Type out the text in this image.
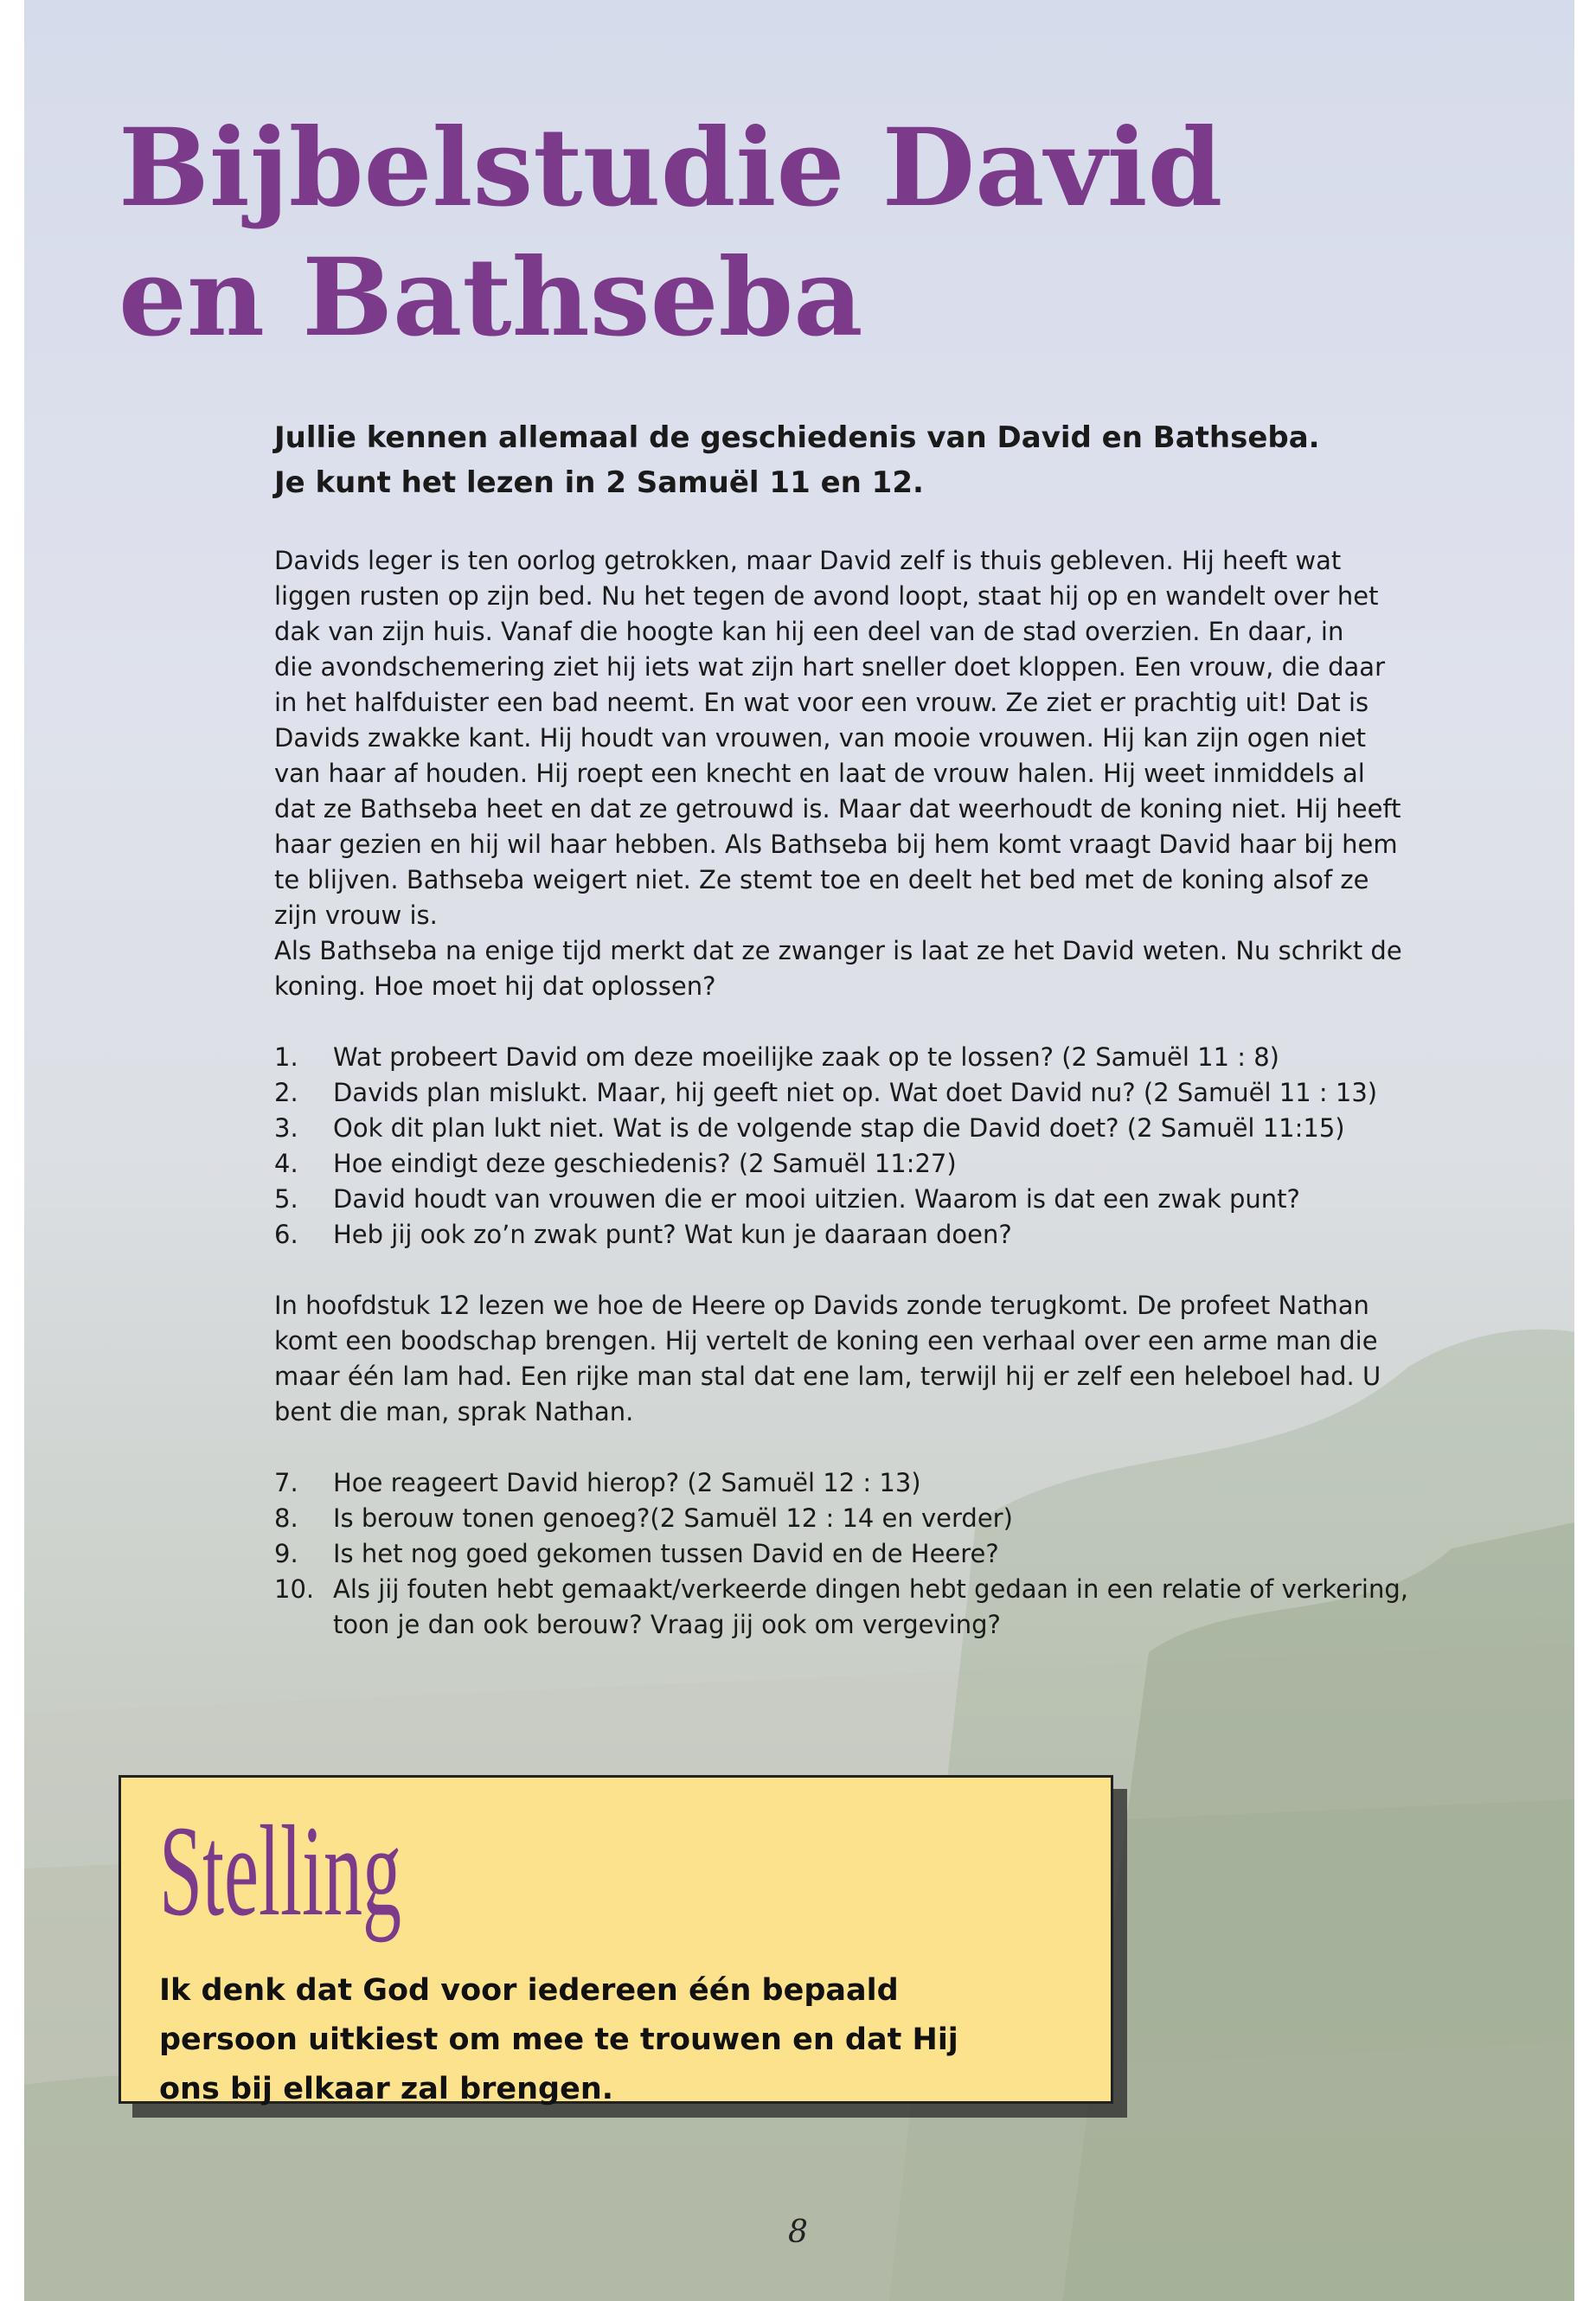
Bijbelstudie David
en Bathseba

Jullie kennen allemaal de geschiedenis van David en Bathseba.
Je kunt het lezen in 2 Samuël 11 en 12.

Davids leger is ten oorlog getrokken, maar David zelf is thuis gebleven. Hij heeft wat
liggen rusten op zijn bed. Nu het tegen de avond loopt, staat hij op en wandelt over het
dak van zijn huis. Vanaf die hoogte kan hij een deel van de stad overzien. En daar, in
die avondschemering ziet hij iets wat zijn hart sneller doet kloppen. Een vrouw, die daar
in het halfduister een bad neemt. En wat voor een vrouw. Ze ziet er prachtig uit! Dat is
Davids zwakke kant. Hij houdt van vrouwen, van mooie vrouwen. Hij kan zijn ogen niet
van haar af houden. Hij roept een knecht en laat de vrouw halen. Hij weet inmiddels al
dat ze Bathseba heet en dat ze getrouwd is. Maar dat weerhoudt de koning niet. Hij heeft
haar gezien en hij wil haar hebben. Als Bathseba bij hem komt vraagt David haar bij hem
te blijven. Bathseba weigert niet. Ze stemt toe en deelt het bed met de koning alsof ze
zijn vrouw is.
Als Bathseba na enige tijd merkt dat ze zwanger is laat ze het David weten. Nu schrikt de
koning. Hoe moet hij dat oplossen?

1.	Wat probeert David om deze moeilijke zaak op te lossen? (2 Samuël 11 : 8)
2.	Davids plan mislukt. Maar, hij geeft niet op. Wat doet David nu? (2 Samuël 11 : 13)
3.	Ook dit plan lukt niet. Wat is de volgende stap die David doet? (2 Samuël 11:15)
4.	Hoe eindigt deze geschiedenis? (2 Samuël 11:27)
5.	David houdt van vrouwen die er mooi uitzien. Waarom is dat een zwak punt?
6.	Heb jij ook zo’n zwak punt? Wat kun je daaraan doen?

In hoofdstuk 12 lezen we hoe de Heere op Davids zonde terugkomt. De profeet Nathan
komt een boodschap brengen. Hij vertelt de koning een verhaal over een arme man die
maar één lam had. Een rijke man stal dat ene lam, terwijl hij er zelf een heleboel had. U
bent die man, sprak Nathan.

7.	Hoe reageert David hierop? (2 Samuël 12 : 13)
8.	Is berouw tonen genoeg?(2 Samuël 12 : 14 en verder)
9.	Is het nog goed gekomen tussen David en de Heere?
10. Als jij fouten hebt gemaakt/verkeerde dingen hebt gedaan in een relatie of verkering, toon je dan ook berouw? Vraag jij ook om vergeving?
Stelling

Ik denk dat God voor iedereen één bepaald persoon uitkiest om mee te trouwen en dat Hij ons bij elkaar zal brengen.

8
